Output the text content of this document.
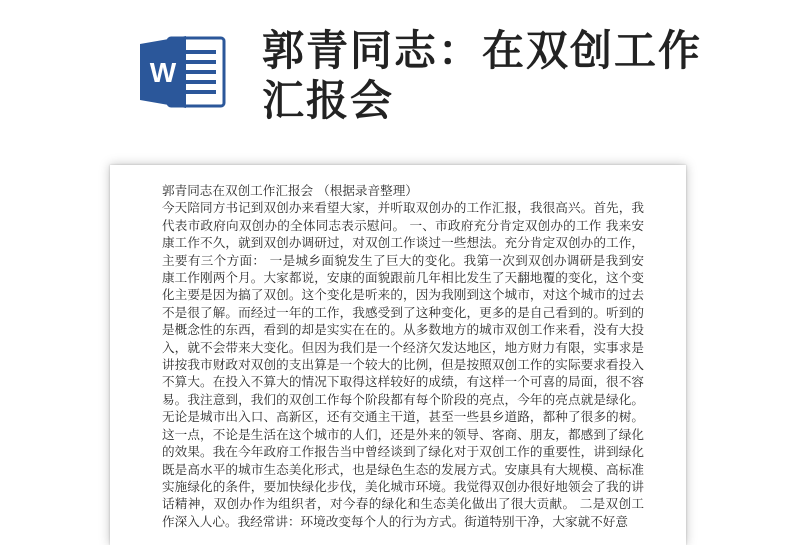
W 郭青同志：在双创工作汇报会
郭青同志在双创工作汇报会 （根据录音整理）
今天陪同方书记到双创办来看望大家，并听取双创办的工作汇报，我很高兴。首先，我代表市政府向双创办的全体同志表示慰问。 一、市政府充分肯定双创办的工作 我来安康工作不久，就到双创办调研过，对双创工作谈过一些想法。充分肯定双创办的工作，主要有三个方面： 一是城乡面貌发生了巨大的变化。我第一次到双创办调研是我到安康工作刚两个月。大家都说，安康的面貌跟前几年相比发生了天翻地覆的变化，这个变化主要是因为搞了双创。这个变化是听来的，因为我刚到这个城市，对这个城市的过去不是很了解。而经过一年的工作，我感受到了这种变化，更多的是自己看到的。听到的是概念性的东西，看到的却是实实在在的。从多数地方的城市双创工作来看，没有大投入，就不会带来大变化。但因为我们是一个经济欠发达地区，地方财力有限，实事求是讲按我市财政对双创的支出算是一个较大的比例，但是按照双创工作的实际要求看投入不算大。在投入不算大的情况下取得这样较好的成绩，有这样一个可喜的局面，很不容易。我注意到，我们的双创工作每个阶段都有每个阶段的亮点，今年的亮点就是绿化。无论是城市出入口、高新区，还有交通主干道，甚至一些县乡道路，都种了很多的树。这一点，不论是生活在这个城市的人们，还是外来的领导、客商、朋友，都感到了绿化的效果。我在今年政府工作报告当中曾经谈到了绿化对于双创工作的重要性，讲到绿化既是高水平的城市生态美化形式，也是绿色生态的发展方式。安康具有大规模、高标准实施绿化的条件，要加快绿化步伐，美化城市环境。我觉得双创办很好地领会了我的讲话精神，双创办作为组织者，对今春的绿化和生态美化做出了很大贡献。 二是双创工作深入人心。我经常讲：环境改变每个人的行为方式。街道特别干净，大家就不好意
